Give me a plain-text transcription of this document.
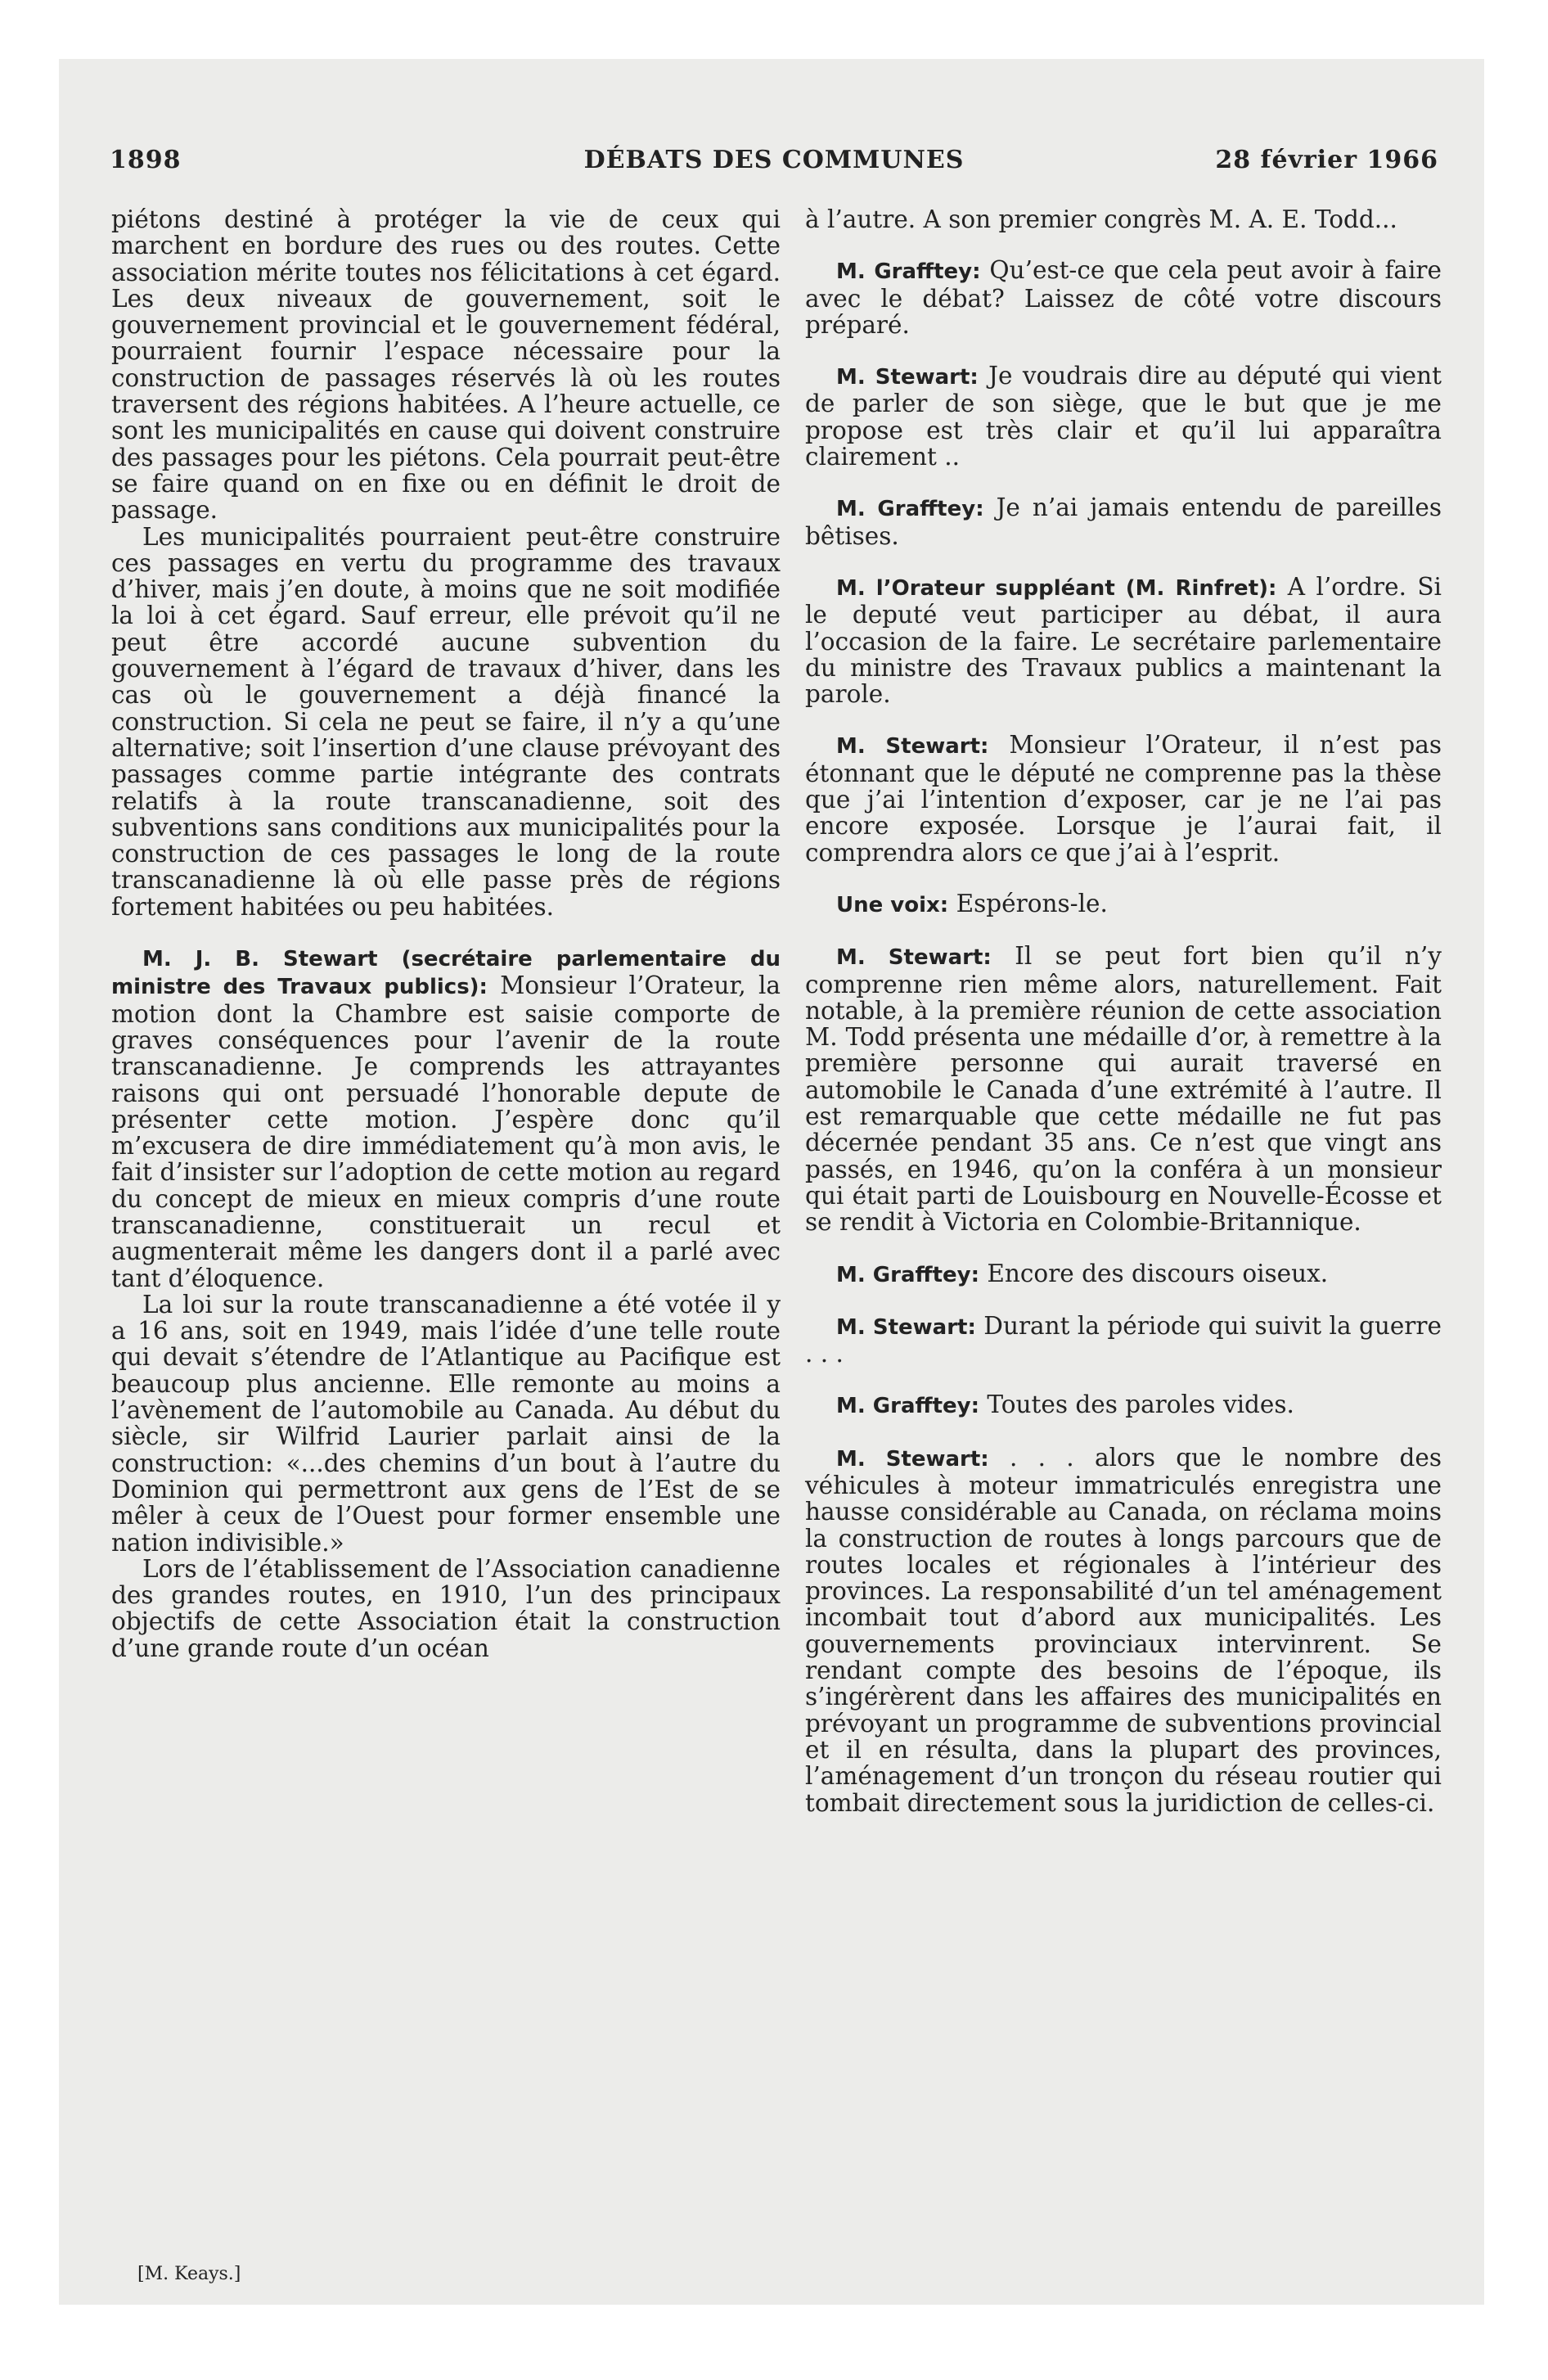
1898	DÉBATS DES COMMUNES	28 février 1966

piétons destiné à protéger la vie de ceux qui marchent en bordure des rues ou des routes. Cette association mérite toutes nos félicitations à cet égard. Les deux niveaux de gouvernement, soit le gouvernement provincial et le gouvernement fédéral, pourraient fournir l’espace nécessaire pour la construction de passages réservés là où les routes traversent des régions habitées. A l’heure actuelle, ce sont les municipalités en cause qui doivent construire des passages pour les piétons. Cela pourrait peut-être se faire quand on en fixe ou en définit le droit de passage.

Les municipalités pourraient peut-être construire ces passages en vertu du programme des travaux d’hiver, mais j’en doute, à moins que ne soit modifiée la loi à cet égard. Sauf erreur, elle prévoit qu’il ne peut être accordé aucune subvention du gouvernement à l’égard de travaux d’hiver, dans les cas où le gouvernement a déjà financé la construction. Si cela ne peut se faire, il n’y a qu’une alternative; soit l’insertion d’une clause prévoyant des passages comme partie intégrante des contrats relatifs à la route transcanadienne, soit des subventions sans conditions aux municipalités pour la construction de ces passages le long de la route transcanadienne là où elle passe près de régions fortement habitées ou peu habitées.

M. J. B. Stewart (secrétaire parlementaire du ministre des Travaux publics): Monsieur l’Orateur, la motion dont la Chambre est saisie comporte de graves conséquences pour l’avenir de la route transcanadienne. Je comprends les attrayantes raisons qui ont persuadé l’honorable depute de présenter cette motion. J’espère donc qu’il m’excusera de dire immédiatement qu’à mon avis, le fait d’insister sur l’adoption de cette motion au regard du concept de mieux en mieux compris d’une route transcanadienne, constituerait un recul et augmenterait même les dangers dont il a parlé avec tant d’éloquence.

La loi sur la route transcanadienne a été votée il y a 16 ans, soit en 1949, mais l’idée d’une telle route qui devait s’étendre de l’Atlantique au Pacifique est beaucoup plus ancienne. Elle remonte au moins a l’avènement de l’automobile au Canada. Au début du siècle, sir Wilfrid Laurier parlait ainsi de la construction: «...des chemins d’un bout à l’autre du Dominion qui permettront aux gens de l’Est de se mêler à ceux de l’Ouest pour former ensemble une nation indivisible.»

Lors de l’établissement de l’Association canadienne des grandes routes, en 1910, l’un des principaux objectifs de cette Association était la construction d’une grande route d’un océan

à l’autre. A son premier congrès M. A. E. Todd...

M. Grafftey: Qu’est-ce que cela peut avoir à faire avec le débat? Laissez de côté votre discours préparé.

M. Stewart: Je voudrais dire au député qui vient de parler de son siège, que le but que je me propose est très clair et qu’il lui apparaîtra clairement ..

M. Grafftey: Je n’ai jamais entendu de pareilles bêtises.

M. l’Orateur suppléant (M. Rinfret): A l’ordre. Si le deputé veut participer au débat, il aura l’occasion de la faire. Le secrétaire parlementaire du ministre des Travaux publics a maintenant la parole.

M. Stewart: Monsieur l’Orateur, il n’est pas étonnant que le député ne comprenne pas la thèse que j’ai l’intention d’exposer, car je ne l’ai pas encore exposée. Lorsque je l’aurai fait, il comprendra alors ce que j’ai à l’esprit.

Une voix: Espérons-le.

M. Stewart: Il se peut fort bien qu’il n’y comprenne rien même alors, naturellement. Fait notable, à la première réunion de cette association M. Todd présenta une médaille d’or, à remettre à la première personne qui aurait traversé en automobile le Canada d’une extrémité à l’autre. Il est remarquable que cette médaille ne fut pas décernée pendant 35 ans. Ce n’est que vingt ans passés, en 1946, qu’on la conféra à un monsieur qui était parti de Louisbourg en Nouvelle-Écosse et se rendit à Victoria en Colombie-Britannique.

M. Grafftey: Encore des discours oiseux.

M. Stewart: Durant la période qui suivit la guerre . . .

M. Grafftey: Toutes des paroles vides.

M. Stewart: . . . alors que le nombre des véhicules à moteur immatriculés enregistra une hausse considérable au Canada, on réclama moins la construction de routes à longs parcours que de routes locales et régionales à l’intérieur des provinces. La responsabilité d’un tel aménagement incombait tout d’abord aux municipalités. Les gouvernements provinciaux intervinrent. Se rendant compte des besoins de l’époque, ils s’ingérèrent dans les affaires des municipalités en prévoyant un programme de subventions provincial et il en résulta, dans la plupart des provinces, l’aménagement d’un tronçon du réseau routier qui tombait directement sous la juridiction de celles-ci.

[M. Keays.]
